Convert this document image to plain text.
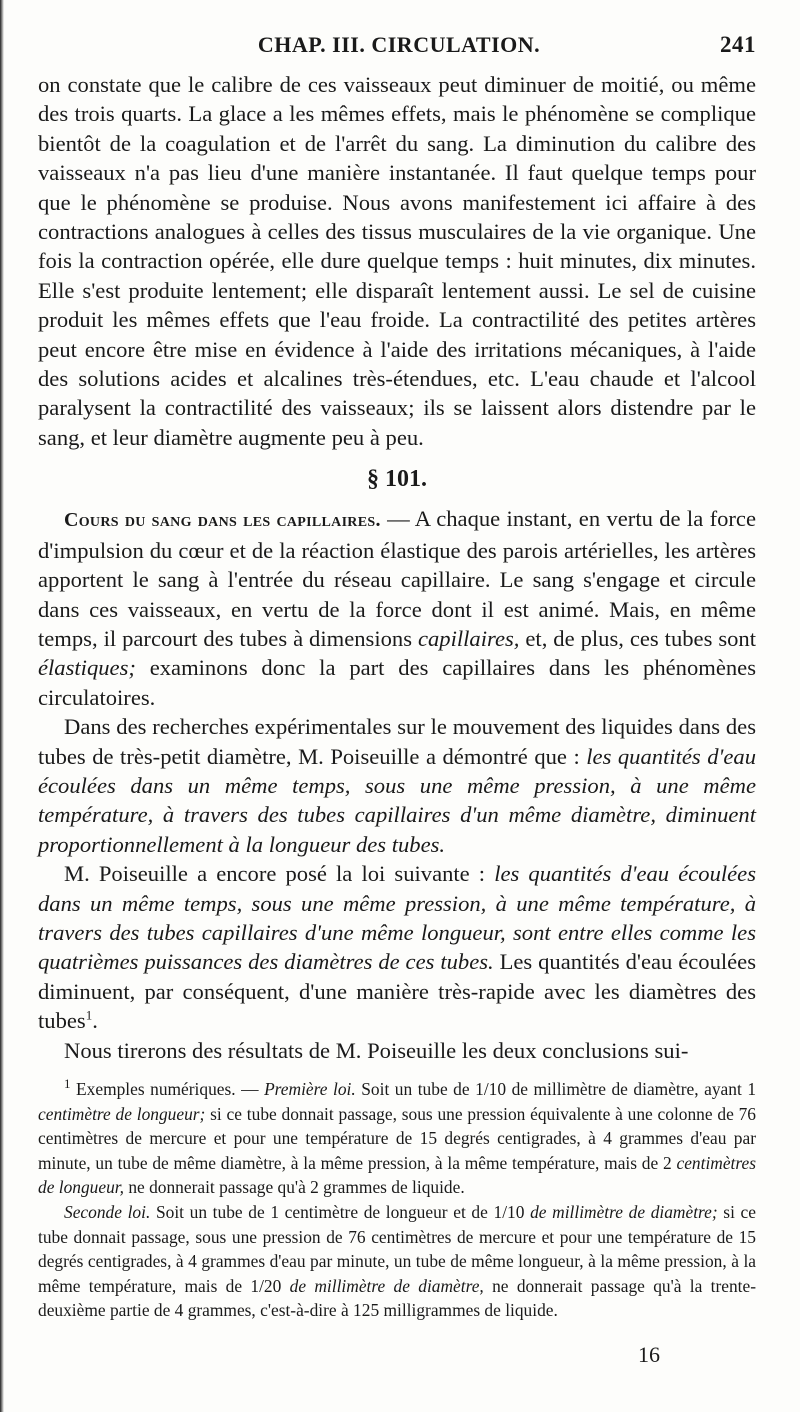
CHAP. III. CIRCULATION.	241

on constate que le calibre de ces vaisseaux peut diminuer de moitié, ou même des trois quarts. La glace a les mêmes effets, mais le phénomène se complique bientôt de la coagulation et de l'arrêt du sang. La diminution du calibre des vaisseaux n'a pas lieu d'une manière instantanée. Il faut quelque temps pour que le phénomène se produise. Nous avons manifestement ici affaire à des contractions analogues à celles des tissus musculaires de la vie organique. Une fois la contraction opérée, elle dure quelque temps : huit minutes, dix minutes. Elle s'est produite lentement; elle disparaît lentement aussi. Le sel de cuisine produit les mêmes effets que l'eau froide. La contractilité des petites artères peut encore être mise en évidence à l'aide des irritations mécaniques, à l'aide des solutions acides et alcalines très-étendues, etc. L'eau chaude et l'alcool paralysent la contractilité des vaisseaux; ils se laissent alors distendre par le sang, et leur diamètre augmente peu à peu.

§ 101.

Cours du sang dans les capillaires. — A chaque instant, en vertu de la force d'impulsion du cœur et de la réaction élastique des parois artérielles, les artères apportent le sang à l'entrée du réseau capillaire. Le sang s'engage et circule dans ces vaisseaux, en vertu de la force dont il est animé. Mais, en même temps, il parcourt des tubes à dimensions capillaires, et, de plus, ces tubes sont élastiques; examinons donc la part des capillaires dans les phénomènes circulatoires.

Dans des recherches expérimentales sur le mouvement des liquides dans des tubes de très-petit diamètre, M. Poiseuille a démontré que : les quantités d'eau écoulées dans un même temps, sous une même pression, à une même température, à travers des tubes capillaires d'un même diamètre, diminuent proportionnellement à la longueur des tubes.

M. Poiseuille a encore posé la loi suivante : les quantités d'eau écoulées dans un même temps, sous une même pression, à une même température, à travers des tubes capillaires d'une même longueur, sont entre elles comme les quatrièmes puissances des diamètres de ces tubes. Les quantités d'eau écoulées diminuent, par conséquent, d'une manière très-rapide avec les diamètres des tubes$^1$.

Nous tirerons des résultats de M. Poiseuille les deux conclusions sui-

$^1$ Exemples numériques. — Première loi. Soit un tube de 1/10 de millimètre de diamètre, ayant 1 centimètre de longueur; si ce tube donnait passage, sous une pression équivalente à une colonne de 76 centimètres de mercure et pour une température de 15 degrés centigrades, à 4 grammes d'eau par minute, un tube de même diamètre, à la même pression, à la même température, mais de 2 centimètres de longueur, ne donnerait passage qu'à 2 grammes de liquide.

Seconde loi. Soit un tube de 1 centimètre de longueur et de 1/10 de millimètre de diamètre; si ce tube donnait passage, sous une pression de 76 centimètres de mercure et pour une température de 15 degrés centigrades, à 4 grammes d'eau par minute, un tube de même longueur, à la même pression, à la même température, mais de 1/20 de millimètre de diamètre, ne donnerait passage qu'à la trente-deuxième partie de 4 grammes, c'est-à-dire à 125 milligrammes de liquide.

16
